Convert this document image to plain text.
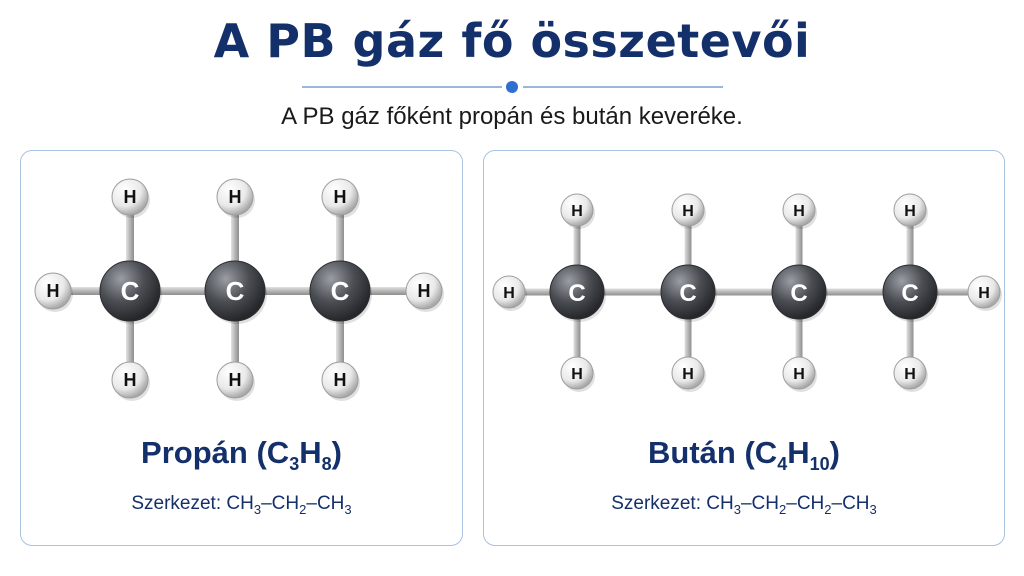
A PB gáz fő összetevői
A PB gáz főként propán és bután keveréke.
H	H
H
H
H
H
H
H
C	C	C
Propán $(C_3H_8)$
Szerkezet: $CH_3-CH_2-CH_3$
H	H
H
H
H
H
H
H
H
H
C	C	C	C
Bután $(C_4H_{10})$
Szerkezet: $CH_3-CH_2-CH_2-CH_3$
